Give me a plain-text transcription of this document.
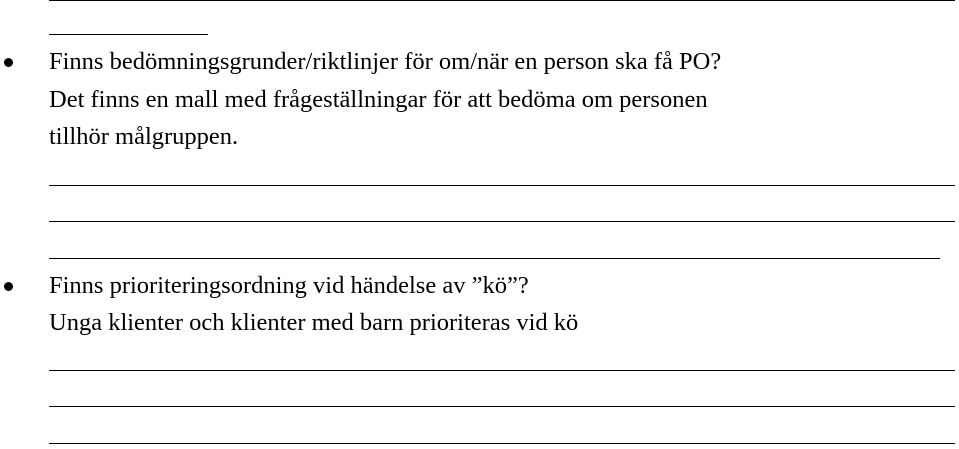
Finns bedömningsgrunder/riktlinjer för om/när en person ska få PO?
Det finns en mall med frågeställningar för att bedöma om personen
tillhör målgruppen.
Finns prioriteringsordning vid händelse av ”kö”?
Unga klienter och klienter med barn prioriteras vid kö
